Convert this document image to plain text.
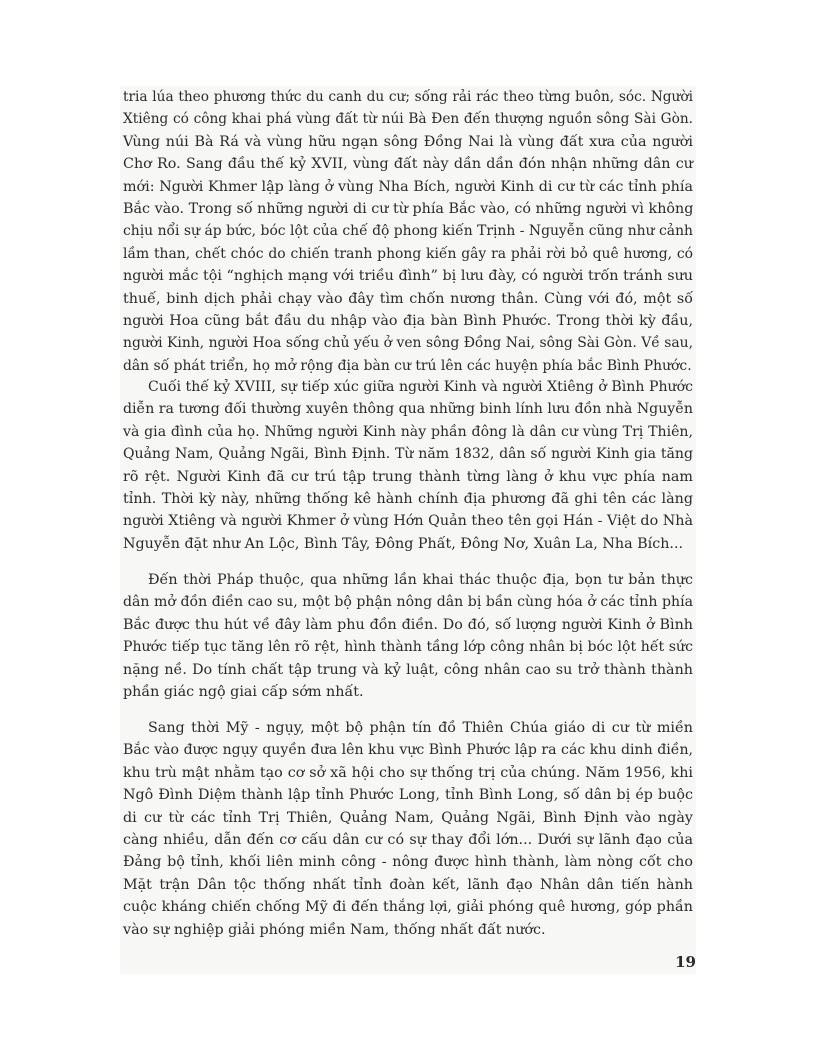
tria lúa theo phương thức du canh du cư; sống rải rác theo từng buôn, sóc. Người
Xtiêng có công khai phá vùng đất từ núi Bà Đen đến thượng nguồn sông Sài Gòn.
Vùng núi Bà Rá và vùng hữu ngạn sông Đồng Nai là vùng đất xưa của người
Chơ Ro. Sang đầu thế kỷ XVII, vùng đất này dần dần đón nhận những dân cư
mới: Người Khmer lập làng ở vùng Nha Bích, người Kinh di cư từ các tỉnh phía
Bắc vào. Trong số những người di cư từ phía Bắc vào, có những người vì không
chịu nổi sự áp bức, bóc lột của chế độ phong kiến Trịnh - Nguyễn cũng như cảnh
lầm than, chết chóc do chiến tranh phong kiến gây ra phải rời bỏ quê hương, có
người mắc tội “nghịch mạng với triều đình” bị lưu đày, có người trốn tránh sưu
thuế, binh dịch phải chạy vào đây tìm chốn nương thân. Cùng với đó, một số
người Hoa cũng bắt đầu du nhập vào địa bàn Bình Phước. Trong thời kỳ đầu,
người Kinh, người Hoa sống chủ yếu ở ven sông Đồng Nai, sông Sài Gòn. Về sau,
dân số phát triển, họ mở rộng địa bàn cư trú lên các huyện phía bắc Bình Phước.

Cuối thế kỷ XVIII, sự tiếp xúc giữa người Kinh và người Xtiêng ở Bình Phước
diễn ra tương đối thường xuyên thông qua những binh lính lưu đồn nhà Nguyễn
và gia đình của họ. Những người Kinh này phần đông là dân cư vùng Trị Thiên,
Quảng Nam, Quảng Ngãi, Bình Định. Từ năm 1832, dân số người Kinh gia tăng
rõ rệt. Người Kinh đã cư trú tập trung thành từng làng ở khu vực phía nam
tỉnh. Thời kỳ này, những thống kê hành chính địa phương đã ghi tên các làng
người Xtiêng và người Khmer ở vùng Hớn Quản theo tên gọi Hán - Việt do Nhà
Nguyễn đặt như An Lộc, Bình Tây, Đông Phất, Đông Nơ, Xuân La, Nha Bích...

Đến thời Pháp thuộc, qua những lần khai thác thuộc địa, bọn tư bản thực
dân mở đồn điền cao su, một bộ phận nông dân bị bần cùng hóa ở các tỉnh phía
Bắc được thu hút về đây làm phu đồn điền. Do đó, số lượng người Kinh ở Bình
Phước tiếp tục tăng lên rõ rệt, hình thành tầng lớp công nhân bị bóc lột hết sức
nặng nề. Do tính chất tập trung và kỷ luật, công nhân cao su trở thành thành
phần giác ngộ giai cấp sớm nhất.

Sang thời Mỹ - ngụy, một bộ phận tín đồ Thiên Chúa giáo di cư từ miền
Bắc vào được ngụy quyền đưa lên khu vực Bình Phước lập ra các khu dinh điền,
khu trù mật nhằm tạo cơ sở xã hội cho sự thống trị của chúng. Năm 1956, khi
Ngô Đình Diệm thành lập tỉnh Phước Long, tỉnh Bình Long, số dân bị ép buộc
di cư từ các tỉnh Trị Thiên, Quảng Nam, Quảng Ngãi, Bình Định vào ngày
càng nhiều, dẫn đến cơ cấu dân cư có sự thay đổi lớn... Dưới sự lãnh đạo của
Đảng bộ tỉnh, khối liên minh công - nông được hình thành, làm nòng cốt cho
Mặt trận Dân tộc thống nhất tỉnh đoàn kết, lãnh đạo Nhân dân tiến hành
cuộc kháng chiến chống Mỹ đi đến thắng lợi, giải phóng quê hương, góp phần
vào sự nghiệp giải phóng miền Nam, thống nhất đất nước.

19
